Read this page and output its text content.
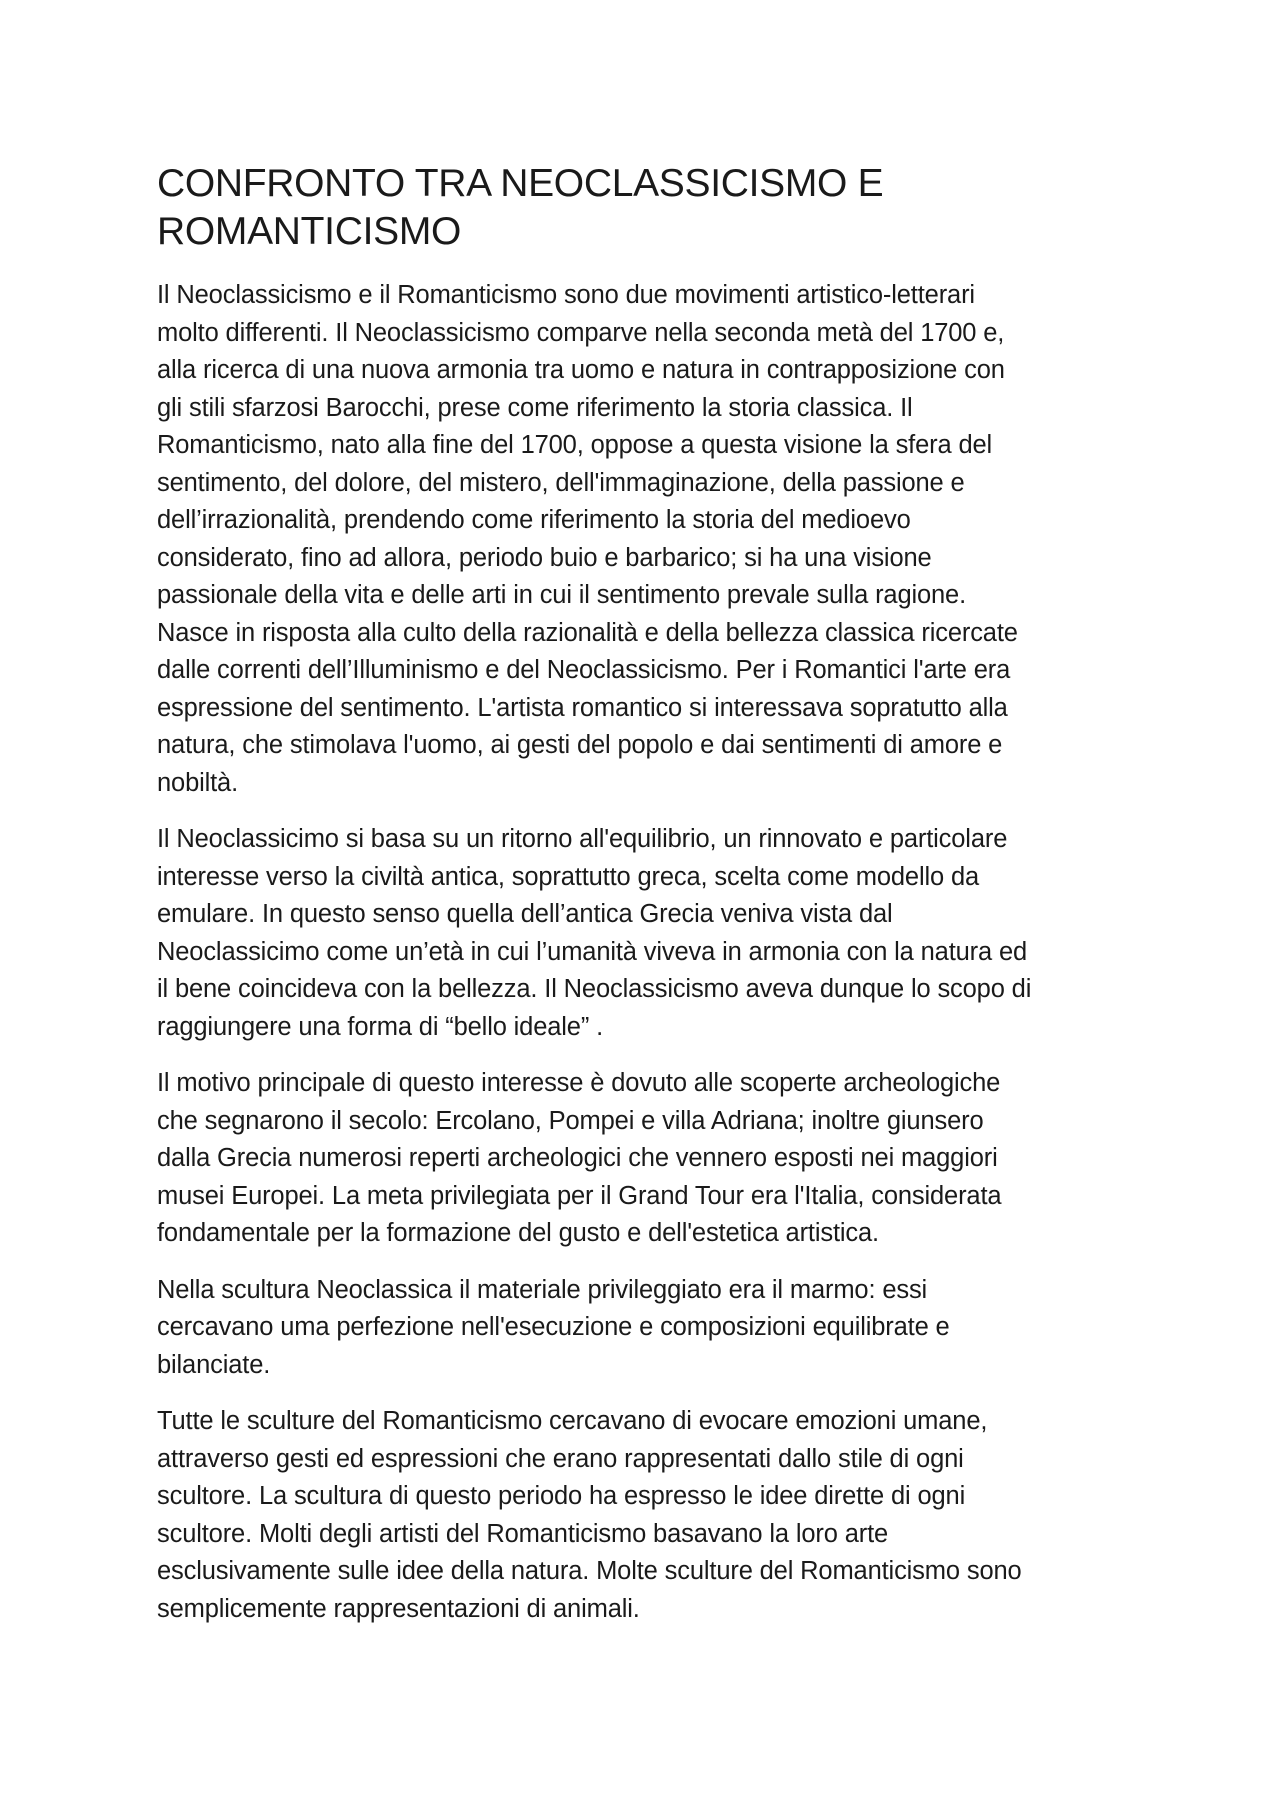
CONFRONTO TRA NEOCLASSICISMO E ROMANTICISMO

Il Neoclassicismo e il Romanticismo sono due movimenti artistico-letterari
molto differenti. Il Neoclassicismo comparve nella seconda metà del 1700 e,
alla ricerca di una nuova armonia tra uomo e natura in contrapposizione con
gli stili sfarzosi Barocchi, prese come riferimento la storia classica. Il
Romanticismo, nato alla fine del 1700, oppose a questa visione la sfera del
sentimento, del dolore, del mistero, dell'immaginazione, della passione e
dell’irrazionalità, prendendo come riferimento la storia del medioevo
considerato, fino ad allora, periodo buio e barbarico; si ha una visione
passionale della vita e delle arti in cui il sentimento prevale sulla ragione.
Nasce in risposta alla culto della razionalità e della bellezza classica ricercate
dalle correnti dell’Illuminismo e del Neoclassicismo. Per i Romantici l'arte era
espressione del sentimento. L'artista romantico si interessava sopratutto alla
natura, che stimolava l'uomo, ai gesti del popolo e dai sentimenti di amore e
nobiltà.

Il Neoclassicimo si basa su un ritorno all'equilibrio, un rinnovato e particolare
interesse verso la civiltà antica, soprattutto greca, scelta come modello da
emulare. In questo senso quella dell’antica Grecia veniva vista dal
Neoclassicimo come un’età in cui l’umanità viveva in armonia con la natura ed
il bene coincideva con la bellezza. Il Neoclassicismo aveva dunque lo scopo di
raggiungere una forma di “bello ideale” .

Il motivo principale di questo interesse è dovuto alle scoperte archeologiche
che segnarono il secolo: Ercolano, Pompei e villa Adriana; inoltre giunsero
dalla Grecia numerosi reperti archeologici che vennero esposti nei maggiori
musei Europei. La meta privilegiata per il Grand Tour era l'Italia, considerata
fondamentale per la formazione del gusto e dell'estetica artistica.

Nella scultura Neoclassica il materiale privileggiato era il marmo: essi
cercavano uma perfezione nell'esecuzione e composizioni equilibrate e
bilanciate.

Tutte le sculture del Romanticismo cercavano di evocare emozioni umane,
attraverso gesti ed espressioni che erano rappresentati dallo stile di ogni
scultore. La scultura di questo periodo ha espresso le idee dirette di ogni
scultore. Molti degli artisti del Romanticismo basavano la loro arte
esclusivamente sulle idee della natura. Molte sculture del Romanticismo sono
semplicemente rappresentazioni di animali.
